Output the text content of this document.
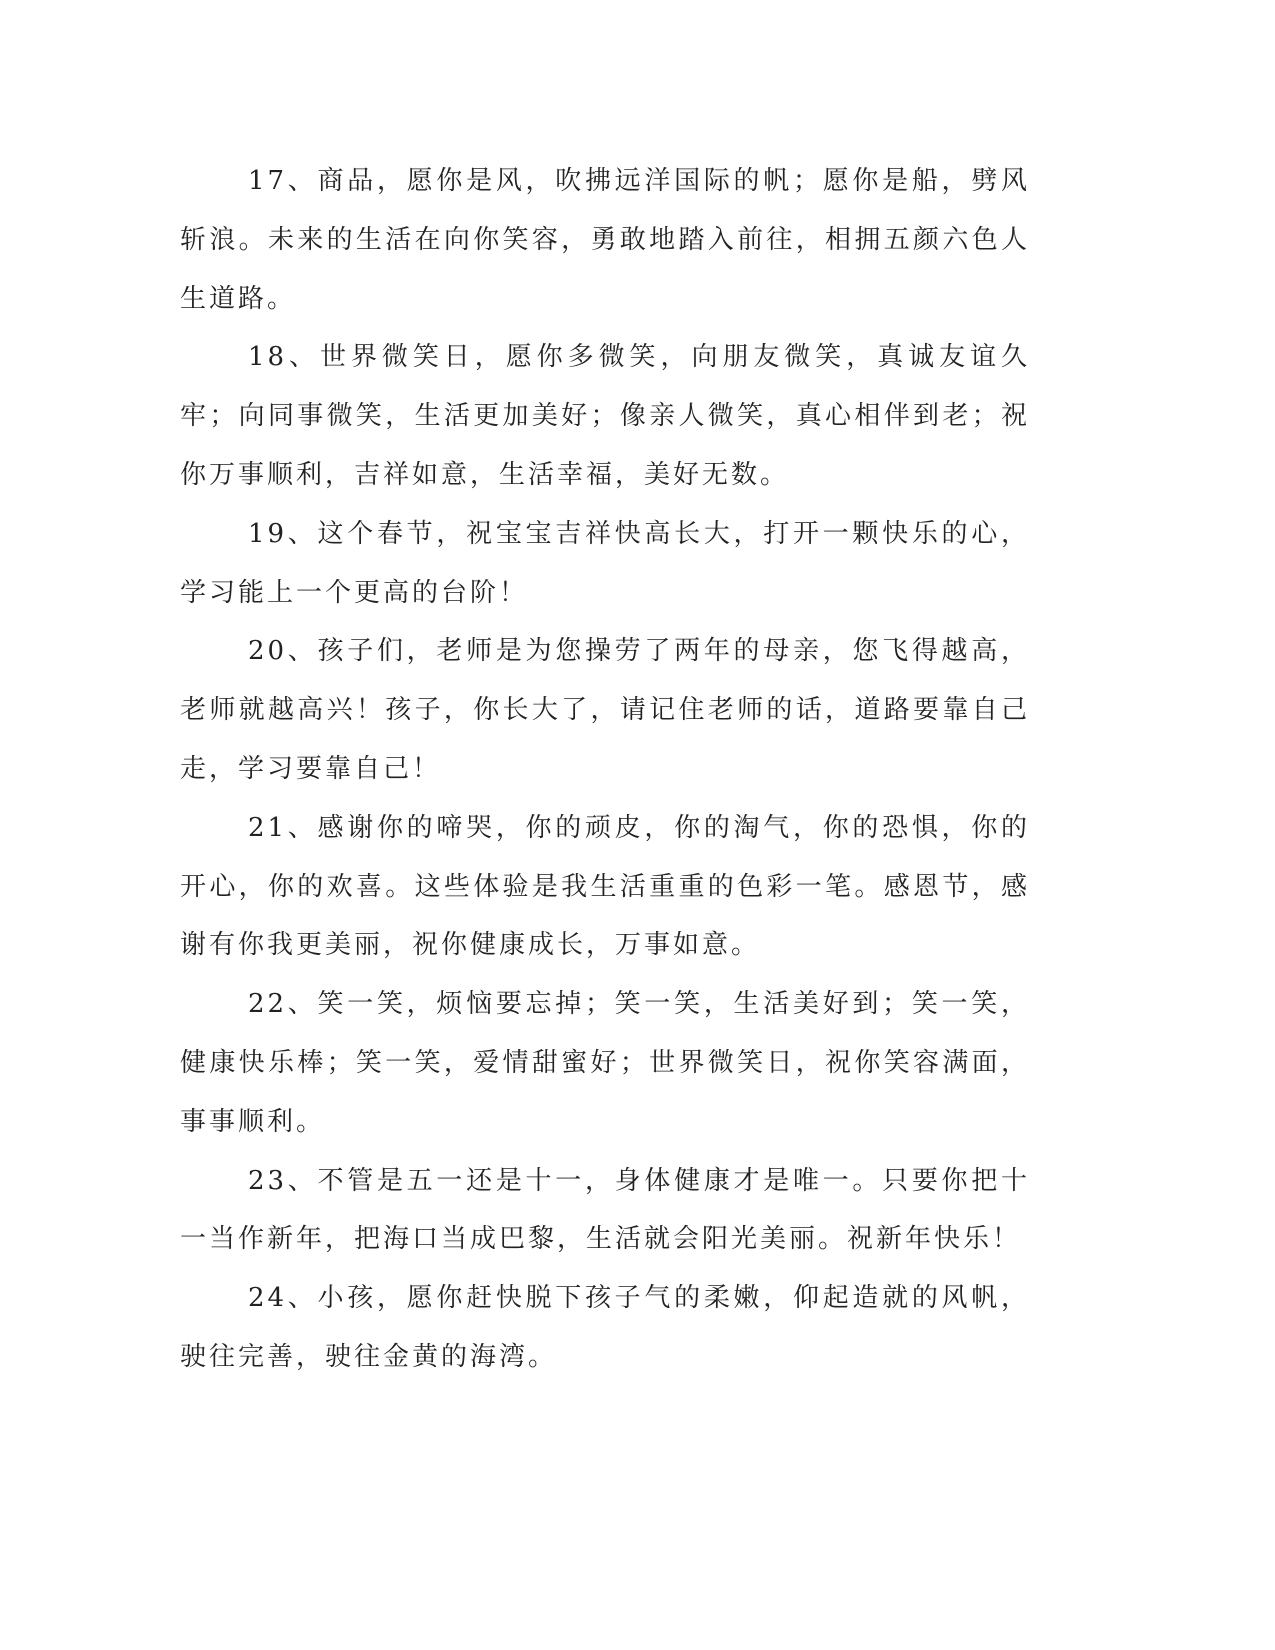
17、商品，愿你是风，吹拂远洋国际的帆；愿你是船，劈风斩浪。未来的生活在向你笑容，勇敢地踏入前往，相拥五颜六色人生道路。

18、世界微笑日，愿你多微笑，向朋友微笑，真诚友谊久牢；向同事微笑，生活更加美好；像亲人微笑，真心相伴到老；祝你万事顺利，吉祥如意，生活幸福，美好无数。

19、这个春节，祝宝宝吉祥快高长大，打开一颗快乐的心，学习能上一个更高的台阶！

20、孩子们，老师是为您操劳了两年的母亲，您飞得越高，老师就越高兴！孩子，你长大了，请记住老师的话，道路要靠自己走，学习要靠自己！

21、感谢你的啼哭，你的顽皮，你的淘气，你的恐惧，你的开心，你的欢喜。这些体验是我生活重重的色彩一笔。感恩节，感谢有你我更美丽，祝你健康成长，万事如意。

22、笑一笑，烦恼要忘掉；笑一笑，生活美好到；笑一笑，健康快乐棒；笑一笑，爱情甜蜜好；世界微笑日，祝你笑容满面，事事顺利。

23、不管是五一还是十一，身体健康才是唯一。只要你把十一当作新年，把海口当成巴黎，生活就会阳光美丽。祝新年快乐！

24、小孩，愿你赶快脱下孩子气的柔嫩，仰起造就的风帆，驶往完善，驶往金黄的海湾。
